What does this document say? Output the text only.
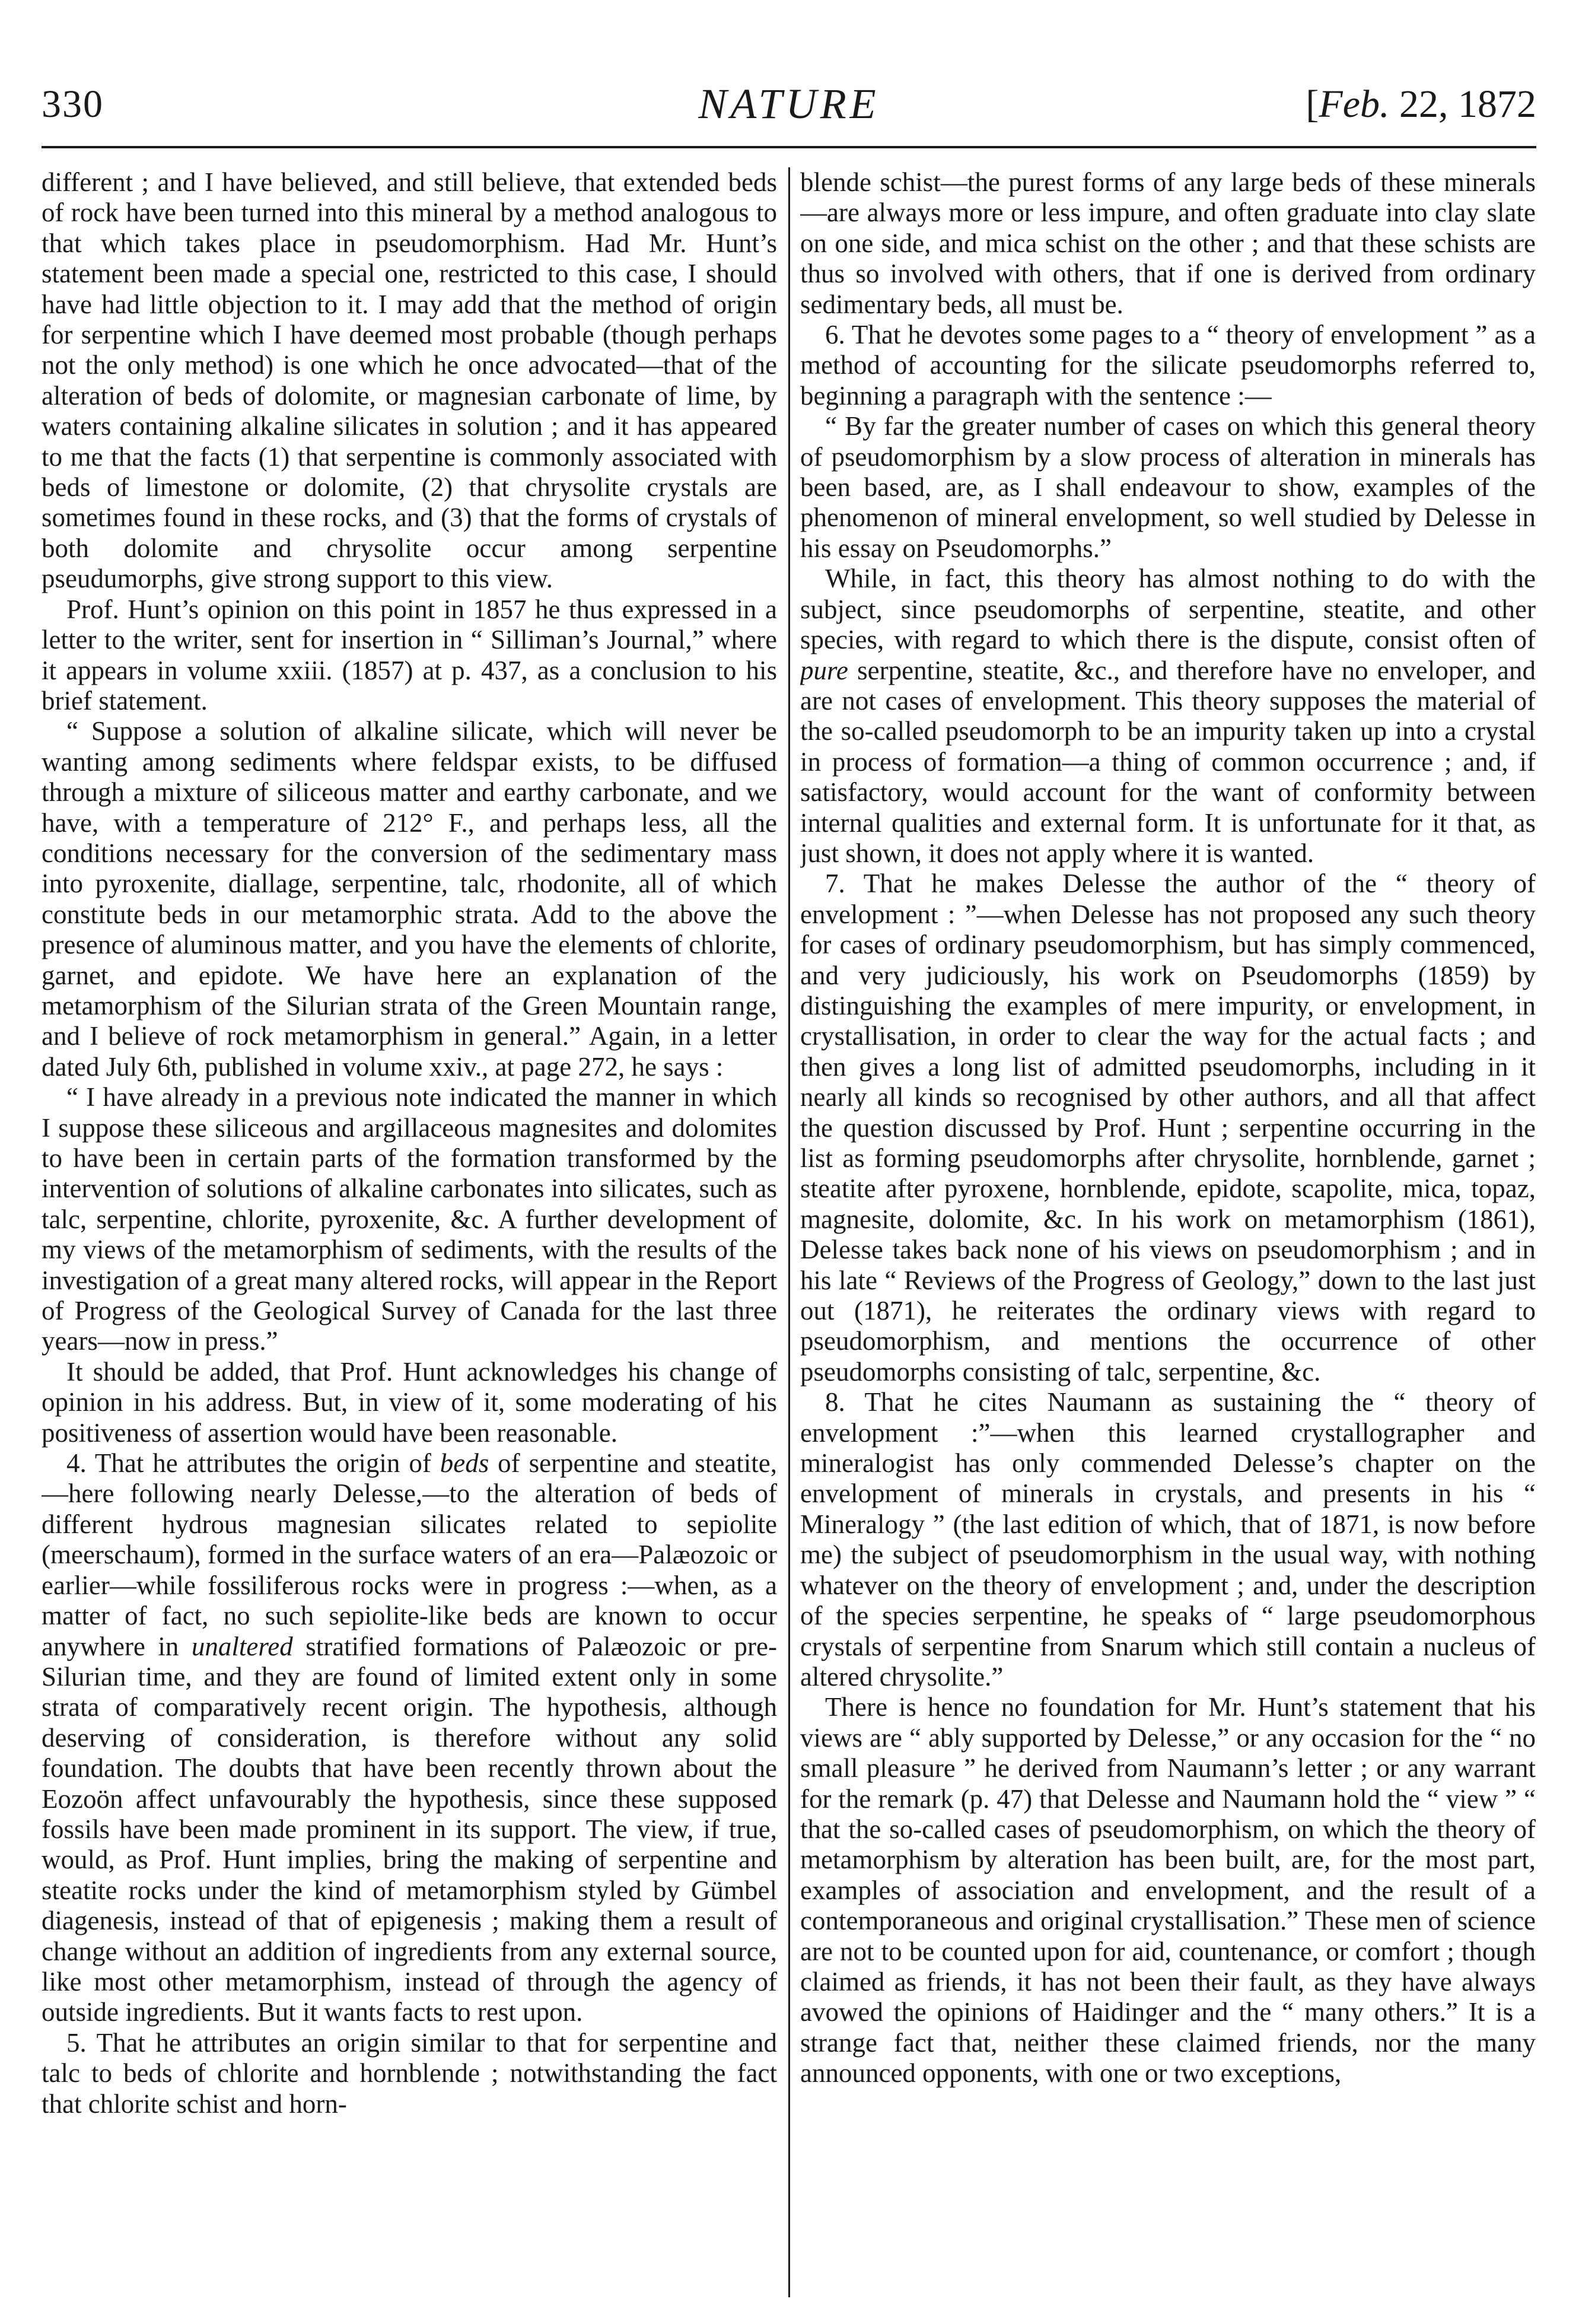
330	NATURE	[Feb. 22, 1872

different ; and I have believed, and still believe, that extended beds of rock have been turned into this mineral by a method analogous to that which takes place in pseudomorphism. Had Mr. Hunt’s statement been made a special one, restricted to this case, I should have had little objection to it. I may add that the method of origin for serpentine which I have deemed most probable (though perhaps not the only method) is one which he once advocated—that of the alteration of beds of dolomite, or magnesian carbonate of lime, by waters containing alkaline silicates in solution ; and it has appeared to me that the facts (1) that serpentine is commonly associated with beds of limestone or dolomite, (2) that chrysolite crystals are sometimes found in these rocks, and (3) that the forms of crystals of both dolomite and chrysolite occur among serpentine pseudumorphs, give strong support to this view.

Prof. Hunt’s opinion on this point in 1857 he thus expressed in a letter to the writer, sent for insertion in “ Silliman’s Journal,” where it appears in volume xxiii. (1857) at p. 437, as a conclusion to his brief statement.

“ Suppose a solution of alkaline silicate, which will never be wanting among sediments where feldspar exists, to be diffused through a mixture of siliceous matter and earthy carbonate, and we have, with a temperature of 212° F., and perhaps less, all the conditions necessary for the conversion of the sedimentary mass into pyroxenite, diallage, serpentine, talc, rhodonite, all of which constitute beds in our metamorphic strata. Add to the above the presence of aluminous matter, and you have the elements of chlorite, garnet, and epidote. We have here an explanation of the metamorphism of the Silurian strata of the Green Mountain range, and I believe of rock metamorphism in general.” Again, in a letter dated July 6th, published in volume xxiv., at page 272, he says :

“ I have already in a previous note indicated the manner in which I suppose these siliceous and argillaceous magnesites and dolomites to have been in certain parts of the formation transformed by the intervention of solutions of alkaline carbonates into silicates, such as talc, serpentine, chlorite, pyroxenite, &c. A further development of my views of the metamorphism of sediments, with the results of the investigation of a great many altered rocks, will appear in the Report of Progress of the Geological Survey of Canada for the last three years—now in press.”

It should be added, that Prof. Hunt acknowledges his change of opinion in his address. But, in view of it, some moderating of his positiveness of assertion would have been reasonable.

4. That he attributes the origin of beds of serpentine and steatite,—here following nearly Delesse,—to the alteration of beds of different hydrous magnesian silicates related to sepiolite (meerschaum), formed in the surface waters of an era—Palæozoic or earlier—while fossiliferous rocks were in progress :—when, as a matter of fact, no such sepiolite-like beds are known to occur anywhere in unaltered stratified formations of Palæozoic or pre-Silurian time, and they are found of limited extent only in some strata of comparatively recent origin. The hypothesis, although deserving of consideration, is therefore without any solid foundation. The doubts that have been recently thrown about the Eozoön affect unfavourably the hypothesis, since these supposed fossils have been made prominent in its support. The view, if true, would, as Prof. Hunt implies, bring the making of serpentine and steatite rocks under the kind of metamorphism styled by Gümbel diagenesis, instead of that of epigenesis ; making them a result of change without an addition of ingredients from any external source, like most other metamorphism, instead of through the agency of outside ingredients. But it wants facts to rest upon.

5. That he attributes an origin similar to that for serpentine and talc to beds of chlorite and hornblende ; notwithstanding the fact that chlorite schist and horn-

blende schist—the purest forms of any large beds of these minerals—are always more or less impure, and often graduate into clay slate on one side, and mica schist on the other ; and that these schists are thus so involved with others, that if one is derived from ordinary sedimentary beds, all must be.

6. That he devotes some pages to a “ theory of envelopment ” as a method of accounting for the silicate pseudomorphs referred to, beginning a paragraph with the sentence :—

“ By far the greater number of cases on which this general theory of pseudomorphism by a slow process of alteration in minerals has been based, are, as I shall endeavour to show, examples of the phenomenon of mineral envelopment, so well studied by Delesse in his essay on Pseudomorphs.”

While, in fact, this theory has almost nothing to do with the subject, since pseudomorphs of serpentine, steatite, and other species, with regard to which there is the dispute, consist often of pure serpentine, steatite, &c., and therefore have no enveloper, and are not cases of envelopment. This theory supposes the material of the so-called pseudomorph to be an impurity taken up into a crystal in process of formation—a thing of common occurrence ; and, if satisfactory, would account for the want of conformity between internal qualities and external form. It is unfortunate for it that, as just shown, it does not apply where it is wanted.

7. That he makes Delesse the author of the “ theory of envelopment : ”—when Delesse has not proposed any such theory for cases of ordinary pseudomorphism, but has simply commenced, and very judiciously, his work on Pseudomorphs (1859) by distinguishing the examples of mere impurity, or envelopment, in crystallisation, in order to clear the way for the actual facts ; and then gives a long list of admitted pseudomorphs, including in it nearly all kinds so recognised by other authors, and all that affect the question discussed by Prof. Hunt ; serpentine occurring in the list as forming pseudomorphs after chrysolite, hornblende, garnet ; steatite after pyroxene, hornblende, epidote, scapolite, mica, topaz, magnesite, dolomite, &c. In his work on metamorphism (1861), Delesse takes back none of his views on pseudomorphism ; and in his late “ Reviews of the Progress of Geology,” down to the last just out (1871), he reiterates the ordinary views with regard to pseudomorphism, and mentions the occurrence of other pseudomorphs consisting of talc, serpentine, &c.

8. That he cites Naumann as sustaining the “ theory of envelopment :”—when this learned crystallographer and mineralogist has only commended Delesse’s chapter on the envelopment of minerals in crystals, and presents in his “ Mineralogy ” (the last edition of which, that of 1871, is now before me) the subject of pseudomorphism in the usual way, with nothing whatever on the theory of envelopment ; and, under the description of the species serpentine, he speaks of “ large pseudomorphous crystals of serpentine from Snarum which still contain a nucleus of altered chrysolite.”

There is hence no foundation for Mr. Hunt’s statement that his views are “ ably supported by Delesse,” or any occasion for the “ no small pleasure ” he derived from Naumann’s letter ; or any warrant for the remark (p. 47) that Delesse and Naumann hold the “ view ” “ that the so-called cases of pseudomorphism, on which the theory of metamorphism by alteration has been built, are, for the most part, examples of association and envelopment, and the result of a contemporaneous and original crystallisation.” These men of science are not to be counted upon for aid, countenance, or comfort ; though claimed as friends, it has not been their fault, as they have always avowed the opinions of Haidinger and the “ many others.” It is a strange fact that, neither these claimed friends, nor the many announced opponents, with one or two exceptions,
